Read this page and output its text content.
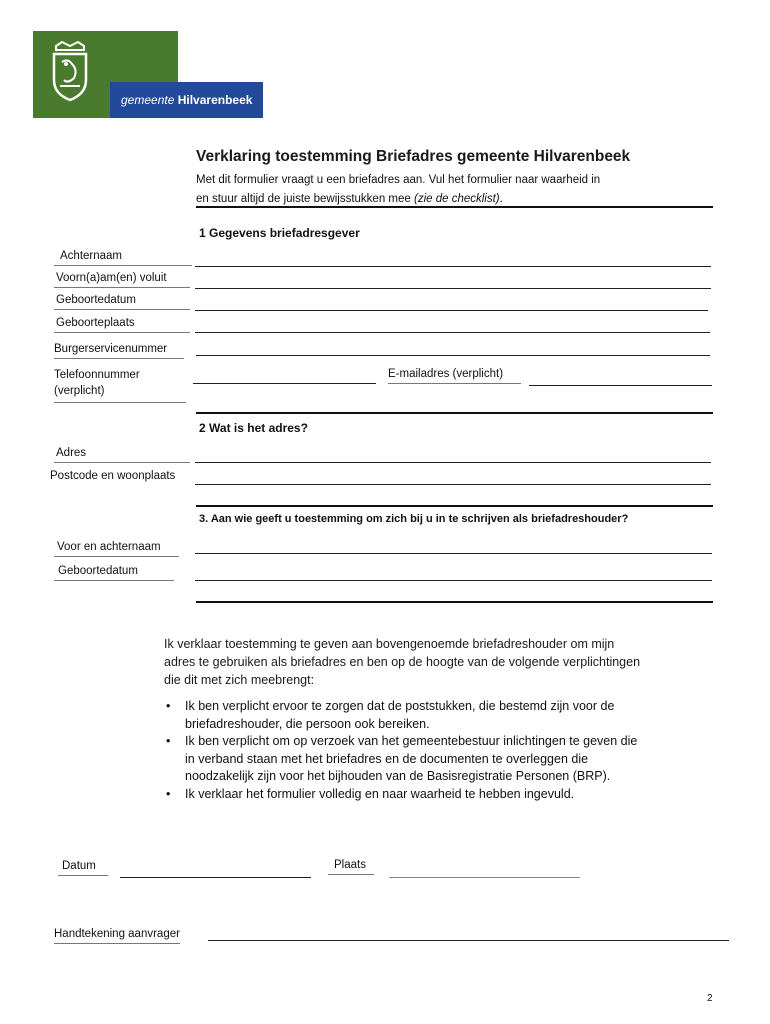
gemeente Hilvarenbeek
Verklaring toestemming Briefadres gemeente Hilvarenbeek
Met dit formulier vraagt u een briefadres aan. Vul het formulier naar waarheid in
en stuur altijd de juiste bewijsstukken mee (zie de checklist).
1 Gegevens briefadresgever
Achternaam
Voorn(a)am(en) voluit
Geboortedatum
Geboorteplaats
Burgerservicenummer
Telefoonnummer
(verplicht)
E-mailadres (verplicht)
2 Wat is het adres?
Adres
Postcode en woonplaats
3. Aan wie geeft u toestemming om zich bij u in te schrijven als briefadreshouder?
Voor en achternaam
Geboortedatum
Ik verklaar toestemming te geven aan bovengenoemde briefadreshouder om mijn
adres te gebruiken als briefadres en ben op de hoogte van de volgende verplichtingen
die dit met zich meebrengt:
• Ik ben verplicht ervoor te zorgen dat de poststukken, die bestemd zijn voor de
briefadreshouder, die persoon ook bereiken.
• Ik ben verplicht om op verzoek van het gemeentebestuur inlichtingen te geven die
in verband staan met het briefadres en de documenten te overleggen die
noodzakelijk zijn voor het bijhouden van de Basisregistratie Personen (BRP).
• Ik verklaar het formulier volledig en naar waarheid te hebben ingevuld.
Datum	Plaats
Handtekening aanvrager
2
